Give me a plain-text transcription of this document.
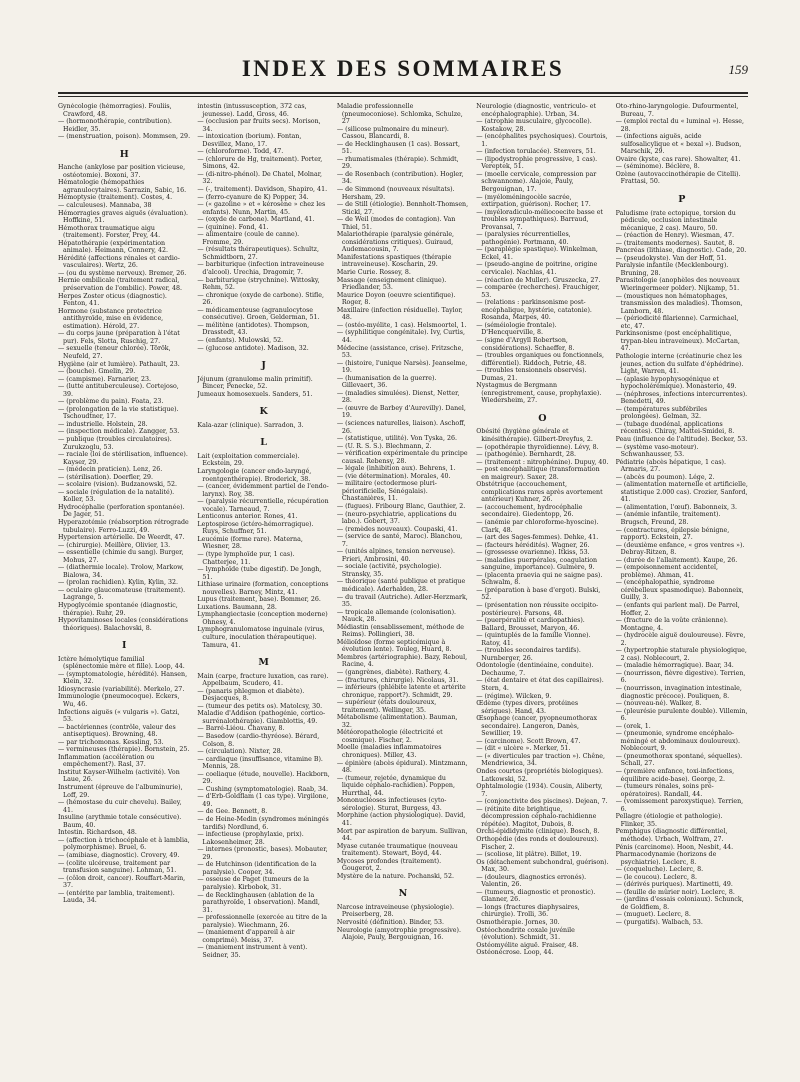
INDEX DES SOMMAIRES	159

Gynécologie (hémorragies). Fouliis, Crawford, 48.

— (hormonothérapie, contribution). Heidler, 35.

— (menstruation, poison). Mommsen, 29.

H

Hanche (ankylose par position vicieuse, ostéotomie). Boxoni, 37.

Hématologie (hémopathies agranulocytaires). Sarrazin, Sabic, 16.

Hémoptysie (traitement). Costes, 4.

— calculeuses). Mannaba, 38

Hémorragies graves aiguës (évaluation). Hoffkine, 51.

Hémothorax traumatique aigu (traitement). Forster, Prey, 44.

Hépatothérapie (expérimentation animale). Heimann, Connery, 42.

Hérédité (affections rénales et cardio-vasculaires). Wertz, 26.

— (ou du système nerveux). Bremer, 26.

Hernie ombilicale (traitement radical, préservation de l'ombilic). Power, 48.

Herpes Zoster oticus (diagnostic). Fenton, 41.

Hormone (substance protectrice antithyroïde, mise en évidence, estimation). Hérold, 27.

— du corps jaune (préparation à l'état pur). Fels, Slotta, Ruschig, 27.

— sexuelle (teneur chlorée). Török, Neufeld, 27.

Hygiène (air et lumière). Pathault, 23.

— (bouche). Gmelin, 29.

— (campisme). Farnarier, 23.

— (lutte antituberculeuse). Cortejoso, 39.

— (problème du pain). Foata, 23.

— (prolongation de la vie statistique). Tschoudtner, 17.

— industrielle. Holstein, 28.

— (inspection médicale). Zangger, 53.

— publique (troubles circulatoires). Zurukzoglu, 53.

— raciale (loi de stérilisation, influence). Kayser, 29.

— (médecin praticien). Lenz, 26.

— (stérilisation). Doerfler, 29.

— scolaire (vision). Budzanowski, 52.

— sociale (régulation de la natalité). Koller, 53.

Hydrocéphalie (perforation spontanée). De Jager, 51.

Hyperazotémie (réabsorption rétrograde tubulaire). Ferro-Luzzi, 49.

Hypertension artérielle. De Weerdt, 47.

— (chirurgie). Meillère, Olivier, 13.

— essentielle (chimie du sang). Burger, Mohus, 27.

— (diathermie locale). Trolow, Markow, Bialowa, 34.

— (prolan rachidien). Kylin, Kylin, 32.

— oculaire glaucomateuse (traitement). Lagrange, 5.

Hypoglycémie spontanée (diagnostic, thérapie). Ruhr, 29.

Hypovitaminoses locales (considérations théoriques). Balachovski, 8.

I

Ictère hémolytique familial (splénectomie mère et fille). Loop, 44.

— (symptomatologie, hérédité). Hansen, Klein, 32.

Idiosyncrasie (variabilité). Merkelo, 27.

Immunologie (pneumocoque). Eckers, Wu, 46.

Infections aiguës (« vulgaris »). Gatzi, 53.

— bactériennes (contrôle, valeur des antiseptiques). Browning, 48.

— par trichomonas. Kessling, 53.

— vermineuses (thérapie). Bornstein, 25.

Inflammation (accélération ou empêchement?). Rasl, 37.

Institut Kayser-Wilhelm (activité). Von Laue, 26.

Instrument (épreuve de l'albuminurie), Loff, 29.

— (hémostase du cuir chevelu). Bailey, 41.

Insuline (arythmie totale consécutive). Baum, 40.

Intestin. Richardson, 48.

— (affection à trichocéphale et à lamblia, polymorphisme). Bruel, 6.

— (amibiase, diagnostic). Crovery, 49.

— (colite ulcéreuse, traitement par transfusion sanguine). Lohman, 51.

— (côlon droit, cancer). Rouffart-Marin, 37.

— (entérite par lamblia, traitement). Lauda, 34.

intestin (intussusception, 372 cas, jeunesse). Ladd, Gross, 46.

— (occlusion par fruits secs). Morison, 34.

— intoxication (borium). Fontan, Desvillez, Mano, 17.

— (chloroforme). Todd, 47.

— (chlorure de Hg, traitement). Porter, Simons, 42.

— (di-nitro-phénol). De Chatel, Molnar, 32.

— (-, traitement). Davidson, Shapiro, 41.

— (ferro-cyanure de K) Popper, 34.

— (« gazoline » et « kérosène » chez les enfants). Nunn, Martin, 45.

— (oxyde de carbone). Martland, 41.

— (quinine). Fond, 41.

— alimentaire (coule de canne). Fromme, 29.

— (résultats thérapeutiques). Schultz, Schmidtborn, 27.

— barbiturique (infection intraveineuse d'alcool). Urechia, Dragomir, 7.

— barbiturique (strychnine). Wittosky, Rehm, 52.

— chronique (oxyde de carbone). Stifle, 26.

— médicamenteuse (agranulocytose consécutive). Groen, Gelderman, 51.

— mélitène (antidotes). Thompson, Drasstedt, 43.

— (enfants). Mulowski, 52.

— (glucose antidote). Madison, 32.

J

Jéjunum (granulome malin primitif). Bincer, Penecke, 52.

Jumeaux homosexuels. Sanders, 51.

K

Kala-azar (clinique). Sarradon, 3.

L

Lait (exploitation commerciale). Eckstein, 29.

Laryngologie (cancer endo-laryngé, roentgenthérapie). Broderick, 38.

— (cancer, évidemment partiel de l'endo-larynx). Roy, 38.

— (paralysie récurrentielle, récupération vocale). Tarneaud, 7.

Lenticonus anterior. Rones, 41.

Leptospirose (ictéro-hémorragique). Ruys, Schuffner, 51.

Leucémie (forme rare). Materna, Wiesner, 28.

— (type lymphoïde pur, 1 cas). Chatterjee, 11.

— lymphoïde (tube digestif). De Jongh, 51.

Lithiase urinaire (formation, conceptions nouvelles). Barney, Mintz, 41.

Lupus (traitement, base). Bommer, 26.

Luxations. Baumann, 28.

Lymphangiectasie (conception moderne) Ohnesy, 4.

Lymphogranulomatose inguinale (virus, culture, inoculation thérapeutique). Tamura, 41.

M

Main (carpe, fracture luxation, cas rare). Appelbaum, Scudero, 41.

— (panaris phlegmon et diabète). Desjacques, 8.

— (tumeur des petits os). Matolcsy, 30.

Maladie d'Addison (pathogénie, cortico-surrénalothérapie). Giamblottis, 49.

— Barré-Liéou. Chavany, 8.

— Basedow (cardio-thyréose). Bérard, Colson, 8.

— (circulation). Nixter, 28.

— cardiaque (insuffisance, vitamine B). Mennis, 28.

— coeliaque (étude, nouvelle). Hackborn, 29.

— Cushing (symptomatologie). Raab, 34.

— d'Erb-Goldflam (1 cas type). Virgilone, 49.

— de Gee. Bennett, 8.

— de Heine-Medin (syndromes méningés tardifs) Nordlund, 6.

— infectieuse (prophylaxie, prix). Lakosenheimer, 28.

— internes (pronostic, bases). Mobauter, 29.

— de Hutchinson (identification de la paralysie). Cooper, 34.

— osseuse de Paget (tumeurs de la paralysie). Kirbobok, 31.

— de Recklinghausen (ablation de la parathyroïde, 1 observation). Mandl, 31.

— professionnelle (exercée au titre de la paralysie). Wiechmann, 26.

— (maniement d'appareil à air comprimé). Meiss, 37.

— (maniement instrument à vent). Seidner, 35.

Maladie professionnelle (pneumoconiose). Schlomka, Schulze, 27

— (silicose pulmonaire du mineur). Cassou, Blancardi, 8.

— de Hecklinghausen (1 cas). Bossart, 51.

— rhumatismales (thérapie). Schmidt, 29.

— de Rosenbach (contribution). Hogler, 34.

— de Simmond (nouveaux résultats). Hersham, 29.

— de Still (étiologie). Bennholt-Thomsen, Stickl, 27.

— de Weil (modes de contagion). Van Thiel, 51.

Malariothérapie (paralysie générale, considérations critiques). Guiraud, Audemacousin, 7.

Manifestations spastiques (thérapie intraveineuse). Koscharin, 29.

Marie Curie. Rossey, 8.

Massage (enseignement clinique). Friedlander, 53.

Maurice Doyon (oeuvre scientifique). Roger, 8.

Maxillaire (infection résiduelle). Taylor, 48.

— (ostéo-myélite, 1 cas). Helsmoortel, 1.

— (syphilitique congénitale). Ivy, Curtis, 44.

Médecine (assistance, crise). Fritzsche, 53.

— (histoire, l'unique Narsès). Jeanselme, 19.

— (humanisation de la guerre). Gillevaert, 36.

— (maladies simulées). Dienst, Netter, 28.

— (œuvre de Barbey d'Aurevilly). Danel, 19.

— (sciences naturelles, liaison). Aschoff, 26.

— (statistique, utilité). Von Tyska, 26.

— (U. R. S. S.). Blechmann, 2.

— vérification expérimentale du principe causal. Rebensy, 28.

— légale (inhibition aux). Behrens, 1.

— (vie détermination). Morales, 40.

— militaire (ectodermose pluri-périorificielle, Sénégalais). Chastanières, 11.

— (fugues). Fribourg Blanc, Gauthier, 2.

— (neuro-psychiatrie, applications du labo.). Gobert, 37.

— (remèdes nouveaux). Coupaski, 41.

— (service de santé, Maroc). Blanchou, 7.

— (unités alpines, tension nerveuse). Frieri, Ambrosini, 40.

— sociale (activité, psychologie). Stransky, 35.

— théorique (santé publique et pratique médicale). Aderhalden, 28.

— du travail (Autriche). Adler-Herzmark, 35.

— tropicale allemande (colonisation). Nauck, 28.

Médiastin (ensablissement, méthode de Reims). Pollingieri, 38.

Mélioïdose (forme septicémique à évolution lente). Touleg, Huard, 8.

Membres (artériographie). Bazy, Reboul, Racine, 4.

— (gangrènes, diabète). Rathery, 4.

— (fractures, chirurgie). Nicolaus, 31.

— inférieurs (phlébite latente et artérite chronique, rapport?). Schmidt, 29.

— supérieur (états douloureux, traitement). Wellinger, 35.

Métabolisme (alimentation). Bauman, 32.

Météoropathologie (électricité et cosmique). Fischer, 2.

Moelle (maladies inflammatoires chroniques). Miller, 43.

— épinière (abcès épidural). Mintzmann, 48.

— (tumeur, rejetée, dynamique du liquide céphalo-rachidien). Poppen, Hurrthal, 44.

Mononucléoses infectieuses (cyto-sérologie). Sturat, Burgess, 43.

Morphine (action physiologique). David, 41.

Mort par aspiration de baryum. Sullivan, 44.

Myase cutanée traumatique (nouveau traitement). Stewart, Boyd, 44.

Mycoses profondes (traitement). Gougerot, 2.

Mystère de la nature. Pochanski, 52.

N

Narcose intraveineuse (physiologie). Preiserberg, 28.

Nervosité (définition). Binder, 53.

Neurologie (amyotrophie progressive). Alajoie, Pauly, Bergouignan, 16.

Neurologie (diagnostic, ventriculo- et encéphalographie). Urban, 34.

— (atrophie musculaire, glycocolle). Kostakow, 28.

— (encéphalites psychosiques). Courtois, 1.

— (infection torulacée). Stenvers, 51.

— (lipodystrophie progressive, 1 cas). Vereptek, 51.

— (moelle cervicale, compression par schwannome). Alajoie, Pauly, Bergouignan, 17.

— (myéloméningocèle sacrée, extirpation, guérison). Rocher, 17.

— (myéloradiculo-méliocoecite basse et troubles sympathiques). Barraud, Provansal, 7.

— (paralysies récurrentielles, pathogénie). Portmann, 40.

— (paraplégie spastique). Winkelman, Eckel, 41.

— (pseudo-angine de poitrine, origine cervicale). Nachlas, 41.

— (réaction de Muller). Gruszecka, 27.

— comparée (recherches). Frauchiger, 53.

— (relations : parkinsonisme post-encéphalique, hystérie, catatonie). Rosanda, Marpes, 40.

— (séméiologie frontale). D'Hencquerville, 8.

— (signe d'Argyll Robertson, considérations). Schaeffer, 8.

— (troubles organiques ou fonctionnels, différentiel). Riddoch, Petrie, 48.

— (troubles tensionnels observés). Dumas, 21.

Nystagmus de Bergmann (enregistrement, cause, prophylaxie). Wiedersheim, 27.

O

Obésité (hygiène générale et kinésithérapie). Gilbert-Dreyfus, 2.

— (opothérapie thyroïdienne). Lévy, 8.

— (pathogénie). Bernhardt, 28.

— (traitement : nitrophénine). Dupuy, 40.

— post encéphalitique (transformation en maigreur). Saxer, 28.

Obstétrique (accouchement, complications rares après avortement antérieur) Kuhner, 26.

— (accouchement, hydrocéphalie secondaire). Giedentopp, 26.

— (anémie par chloroforme-hyoscine). Clark, 48.

— (art des Sages-femmes). Dehke, 41.

— (facteurs hérédités). Wagner, 26.

— (grossesse ovarienne). Itkiss, 53.

— (maladies puerpérales, coagulation sanguine, importance). Gulmère, 9.

— (placenta praevia qui ne saigne pas). Schwalm, 8.

— (préparation à base d'ergot). Bulski, 52.

— (présentation non réussite occipito-postérieure). Parsons, 48.

— (puerpéralité et cardiopathies). Ballard, Brousset, Maryon, 46.

— (quintuplés de la famille Vionne). Ratoy, 41.

— (troubles secondaires tardifs). Nurnberger, 26.

Odontologie (dentinéaine, conduite). Dechaume, 7.

— (état dentaire et état des capillaires). Stern, 4.

— (régime). Wilcken, 9.

Œdème (types divers, protéines sériques). Hand, 43.

Œsophage (cancer, pyopneumothorax secondaire). Langeron, Danès, Sewillier, 19.

— (carcinome). Scott Brown, 47.

— (dit « ulcère ». Merker, 51.

— (« diverticules par traction »). Chêne, Mendriewica, 34.

Ondes courtes (propriétés biologiques). Latkowski, 52.

Ophtalmologie (1934). Cousin, Aliberty, 7.

— (conjonctivite des piscines). Dejean, 7.

— (rétinite dite brightique, décompression céphalo-rachidienne répétée). Magitot, Dubois, 8.

Orchi-épididymite (clinique). Bosch, 8.

Orthopédie (des ronds et douloureux). Fischer, 2.

— (scoliose, lit plâtre). Billet, 19.

Os (détachement subchondral, guérison). Max, 30.

— (douleurs, diagnostics erronés). Valentin, 26.

— (tumeurs, diagnostic et pronostic). Glanner, 26.

— longs (fractures diaphysaires, chirurgie). Trolli, 36.

Osmothérapie. Jornes, 30.

Ostéochondrite coxale juvénile (évolution). Schmidt, 31.

Ostéomyélite aiguë. Fraiser, 48.

Ostéonécrose. Loop, 44.

Oto-rhino-laryngologie. Dufourmentel, Bureau, 7.

— (emploi rectal du « luminal »). Hesse, 28.

— (infections aiguës, acide sulfosalicylique et « bexal »). Budson, Marschik, 29.

Ovaire (kyste, cas rare). Showalter, 41.

— (séminome). Béclère, 8.

Ozène (autovaccinothérapie de Citelli). Frattasi, 50.

P

Paludisme (rate ectopique, torsion du pédicule, occlusion intestinale mécanique, 2 cas). Mauro, 50.

— (réaction de Henry). Wiesman, 47.

— (traitements modernes). Sautet, 8.

Pancréas (lithiase, diagnostic). Cade, 20.

— (pseudokyste). Van der Hoff, 51.

Paralysie infantile (Mecklenbourg). Bruning, 28.

Parasitologie (anophèles des nouveaux Wieringermeer polder). Nijkamp, 51.

— (moustiques non hématophages, transmission des maladies). Thomson, Lamborn, 48.

— (périodicité filarienne). Carmichael, etc, 47.

Parkinsonisme (post encéphalitique, trypan-bleu intraveineux). McCartan, 47.

Pathologie interne (créatinurie chez les jeunes, action du sulfate d'éphédrine). Light, Warren, 41.

— (aplasie hypophysogénique et hypocholérémique). Monasterio, 49.

— (néphroses, infections intercurrentes). Benedetti, 49.

— (températures subfébriles prolongées). Gelman, 32.

— (tubage duodénal, applications récentes). Chiray, Mattei-Smidei, 8.

Peau (influence de l'altitude). Becker, 53.

— (système vaso-moteur). Schwanhausser, 53.

Pédiatrie (abcès hépatique, 1 cas). Armaris, 27.

— (abcès du poumon). Lége, 2.

— (alimentation maternelle et artificielle, statistique 2.000 cas). Crozier, Sanford, 41.

— (alimentation, l'œuf). Babonneix, 3.

— (anémie infantile, traitement). Brugsch, Freund, 28.

— (contractures, épilepsie bénigne, rapport). Eckstein, 27.

— (deuxième enfance, « gros ventres »). Debray-Ritzen, 8.

— (durée de l'allaitement). Kaupe, 26.

— (empoisonnement accidentel, problème). Ahman, 41.

— (encéphalopathie, syndrome cérébelleux spasmodique). Babonneix, Guilly, 3.

— (enfants qui parlent mal). De Parrel, Hoffer, 2.

— (fracture de la voûte crânienne). Montagne, 4.

— (hydrocèle aiguë douloureuse). Fèvre, 2.

— (hypertrophie staturale physiologique, 2 cas). Noblecourt, 2.

— (maladie hémorragique). Baar, 34.

— (nourrisson, fièvre digestive). Terrien, 6.

— (nourrisson, invagination intestinale, diagnostic précoce). Pouliquen, 8.

— (nouveau-né). Walker, 8.

— (pleurésie purulente double). Villemin, 6.

— (orek, 1.

— (pneumonie, syndrome encéphalo-méningé et abdominaux douloureux). Noblecourt, 9.

— (pneumothorax spontané, séquelles). Schall, 27.

— (première enfance, toxi-infections, équilibre acide-base). George, 2.

— (tumeurs rénales, soins pré-opératoires). Randall, 44.

— (vomissement paroxystique). Terrien, 6.

Pellagre (étiologie et pathologie). Flinker, 35.

Pemphigus (diagnostic différentiel, méthode). Urbach, Wolfram, 27.

Pénis (carcinome). Hoon, Nesbit, 44.

Pharmacodynamie (horizons de psychiatrie). Leclerc, 8.

— (coqueluche). Leclerc, 8.

— (le coucou). Leclerc, 8.

— (dérivés puriques). Martinetti, 49.

— (feuille de mûrier noir). Leclerc, 8.

— (jardins d'essais coloniaux). Schunck, de Goldfiem, 8.

— (muguet). Leclerc, 8.

— (purgatifs). Walbach, 53.
